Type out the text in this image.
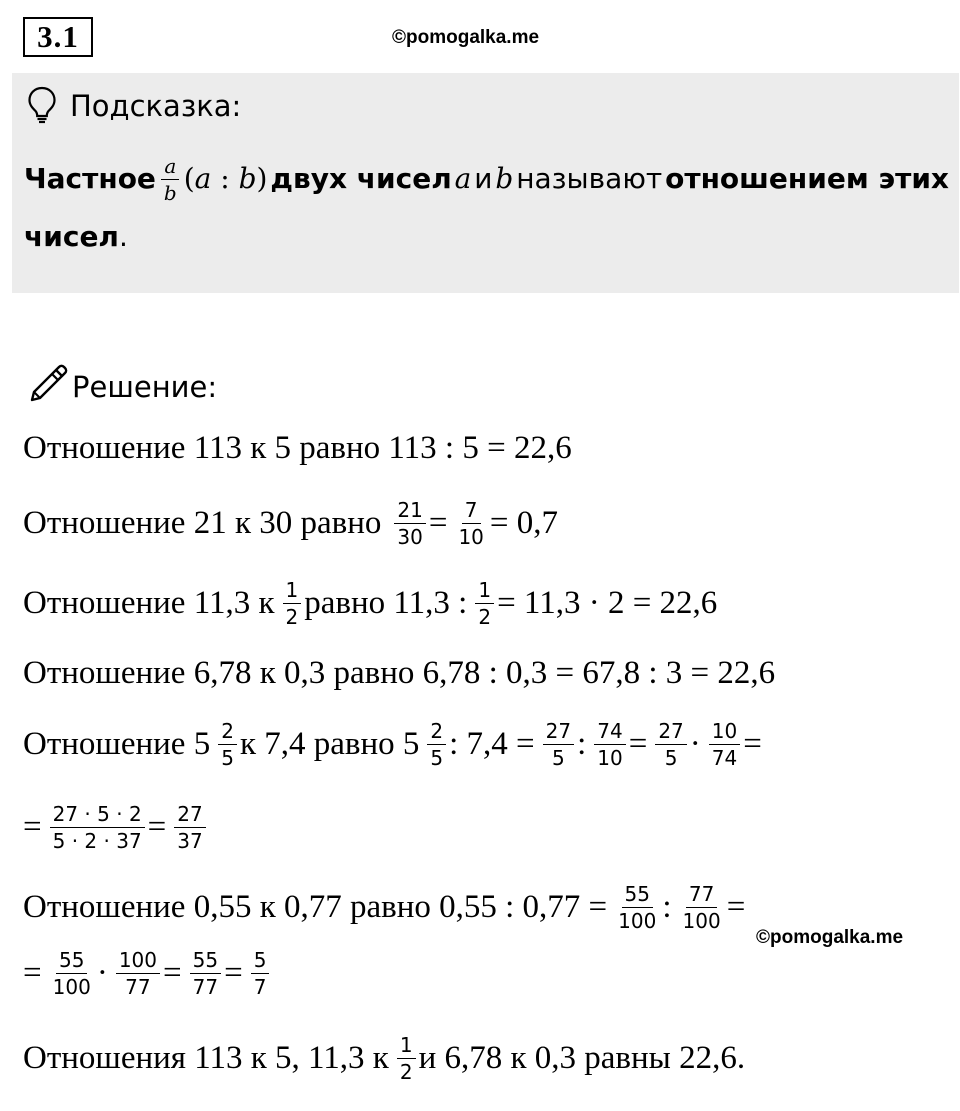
3.1	©pomogalka.me
Подсказка:
Частное $\frac{a}{b}$ ( a : b ) двух чисел a и b называют отношением этих
чисел .
Решение:
Отношение 113 к 5 равно 113 : 5 = 22,6
Отношение 21 к 30 равно $\frac{21}{30} = \frac{7}{10} = 0,7$
Отношение 11,3 к $\frac{1}{2}$ равно 11,3 : $\frac{1}{2} = 11,3 \cdot 2 = 22,6$
Отношение 6,78 к 0,3 равно 6,78 : 0,3 = 67,8 : 3 = 22,6
Отношение $5 \frac{2}{5}$ к 7,4 равно $5 \frac{2}{5}$ : $7,4 = \frac{27}{5}$ : $\frac{74}{10} = \frac{27}{5} \cdot \frac{10}{74}$ =
= $\frac{27 \cdot 5 \cdot 2}{5 \cdot 2 \cdot 37} = \frac{27}{37}$
Отношение 0,55 к 0,77 равно 0,55 : $0,77 = \frac{55}{100}$ : $\frac{77}{100}$ =
©pomogalka.me
= $\frac{55}{100} \cdot \frac{100}{77} = \frac{55}{77} = \frac{5}{7}$
Отношения 113 к 5, 11,3 к $\frac{1}{2}$ и 6,78 к 0,3 равны 22,6.
